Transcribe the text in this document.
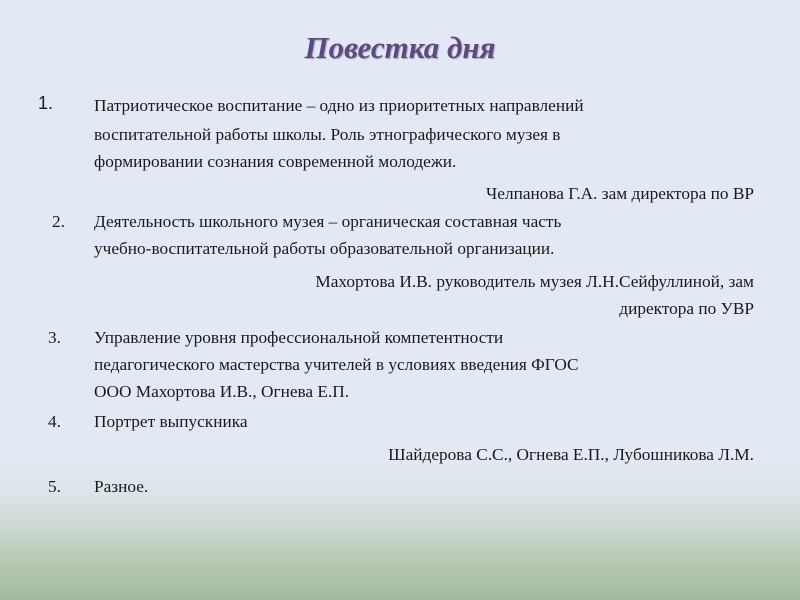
Повестка дня
1.	Патриотическое воспитание – одно из приоритетных направлений
воспитательной работы школы. Роль этнографического музея в
формировании сознания современной молодежи.
Челпанова Г.А. зам директора по ВР
2.	Деятельность школьного музея – органическая составная часть
учебно-воспитательной работы образовательной организации.
Махортова И.В. руководитель музея Л.Н.Сейфуллиной, зам
директора по УВР
3.	Управление уровня профессиональной компетентности
педагогического мастерства учителей в условиях введения ФГОС
ООО Махортова И.В., Огнева Е.П.
4.	Портрет выпускника
Шайдерова С.С., Огнева Е.П., Лубошникова Л.М.
5.	Разное.
